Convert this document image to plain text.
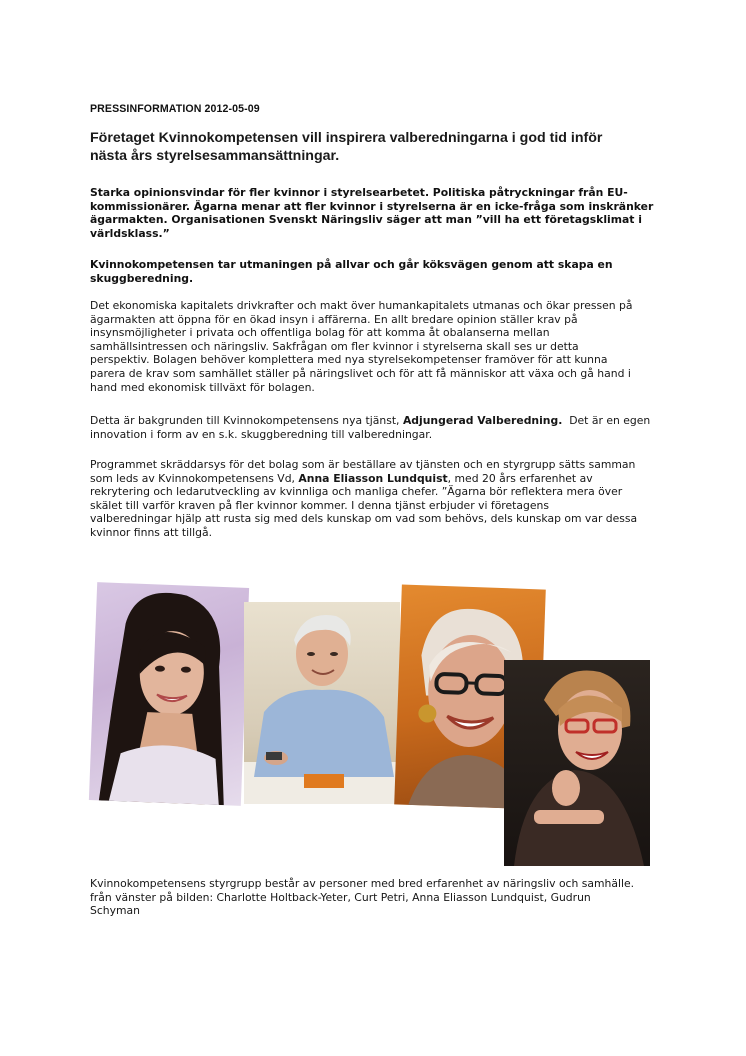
PRESSINFORMATION 2012-05-09
Företaget Kvinnokompetensen vill inspirera valberedningarna i god tid inför
nästa års styrelsesammansättningar.
Starka opinionsvindar för fler kvinnor i styrelsearbetet. Politiska påtryckningar från EU-
kommissionärer. Ägarna menar att fler kvinnor i styrelserna är en icke-fråga som inskränker
ägarmakten. Organisationen Svenskt Näringsliv säger att man ”vill ha ett företagsklimat i
världsklass.”
Kvinnokompetensen tar utmaningen på allvar och går köksvägen genom att skapa en
skuggberedning.
Det ekonomiska kapitalets drivkrafter och makt över humankapitalets utmanas och ökar pressen på
ägarmakten att öppna för en ökad insyn i affärerna. En allt bredare opinion ställer krav på
insynsmöjligheter i privata och offentliga bolag för att komma åt obalanserna mellan
samhällsintressen och näringsliv. Sakfrågan om fler kvinnor i styrelserna skall ses ur detta
perspektiv. Bolagen behöver komplettera med nya styrelsekompetenser framöver för att kunna
parera de krav som samhället ställer på näringslivet och för att få människor att växa och gå hand i
hand med ekonomisk tillväxt för bolagen.
Detta är bakgrunden till Kvinnokompetensens nya tjänst, Adjungerad Valberedning.  Det är en egen
innovation i form av en s.k. skuggberedning till valberedningar.
Programmet skräddarsys för det bolag som är beställare av tjänsten och en styrgrupp sätts samman
som leds av Kvinnokompetensens Vd, Anna Eliasson Lundquist, med 20 års erfarenhet av
rekrytering och ledarutveckling av kvinnliga och manliga chefer. ”Ägarna bör reflektera mera över
skälet till varför kraven på fler kvinnor kommer. I denna tjänst erbjuder vi företagens
valberedningar hjälp att rusta sig med dels kunskap om vad som behövs, dels kunskap om var dessa
kvinnor finns att tillgå.
Kvinnokompetensens styrgrupp består av personer med bred erfarenhet av näringsliv och samhälle.
från vänster på bilden: Charlotte Holtback-Yeter, Curt Petri, Anna Eliasson Lundquist, Gudrun
Schyman
